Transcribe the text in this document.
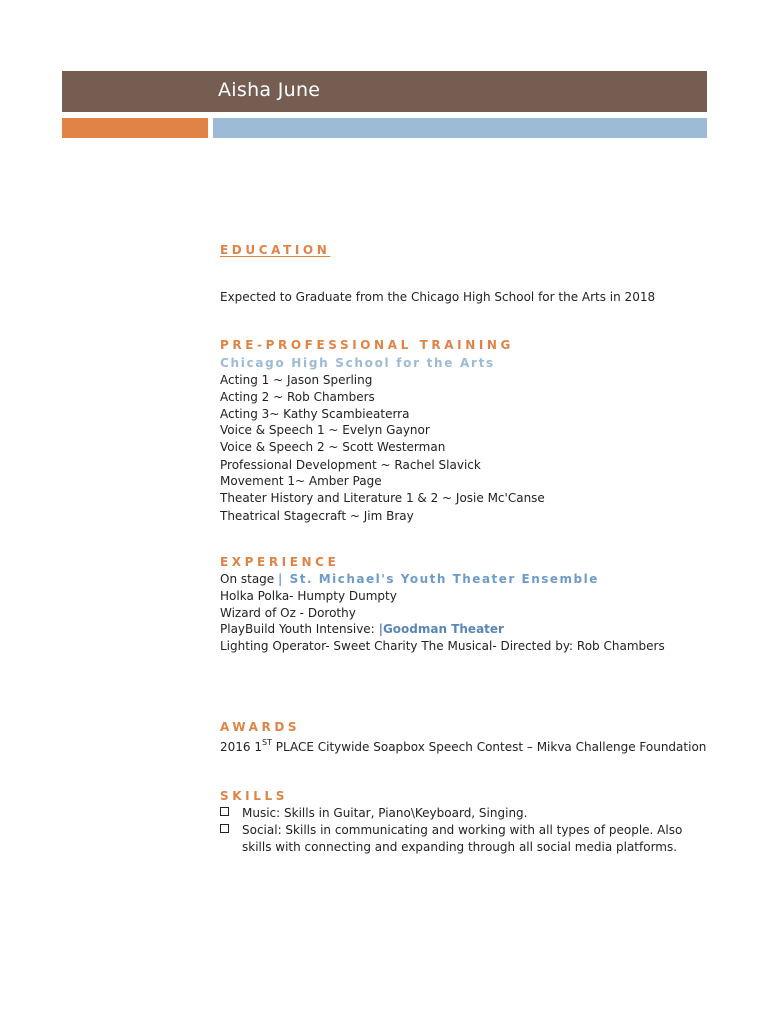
Aisha June
EDUCATION
Expected to Graduate from the Chicago High School for the Arts in 2018
PRE-PROFESSIONAL TRAINING
Chicago High School for the Arts
Acting 1 ~ Jason Sperling
Acting 2 ~ Rob Chambers
Acting 3~ Kathy Scambieaterra
Voice & Speech 1 ~ Evelyn Gaynor
Voice & Speech 2 ~ Scott Westerman
Professional Development ~ Rachel Slavick
Movement 1~ Amber Page
Theater History and Literature 1 & 2 ~ Josie Mc'Canse
Theatrical Stagecraft ~ Jim Bray
EXPERIENCE
On stage | St. Michael's Youth Theater Ensemble
Holka Polka- Humpty Dumpty
Wizard of Oz - Dorothy
PlayBuild Youth Intensive: |Goodman Theater
Lighting Operator- Sweet Charity The Musical- Directed by: Rob Chambers
AWARDS
2016 1ST PLACE Citywide Soapbox Speech Contest – Mikva Challenge Foundation
SKILLS
Music: Skills in Guitar, Piano\Keyboard, Singing.
Social: Skills in communicating and working with all types of people. Also skills with connecting and expanding through all social media platforms.
